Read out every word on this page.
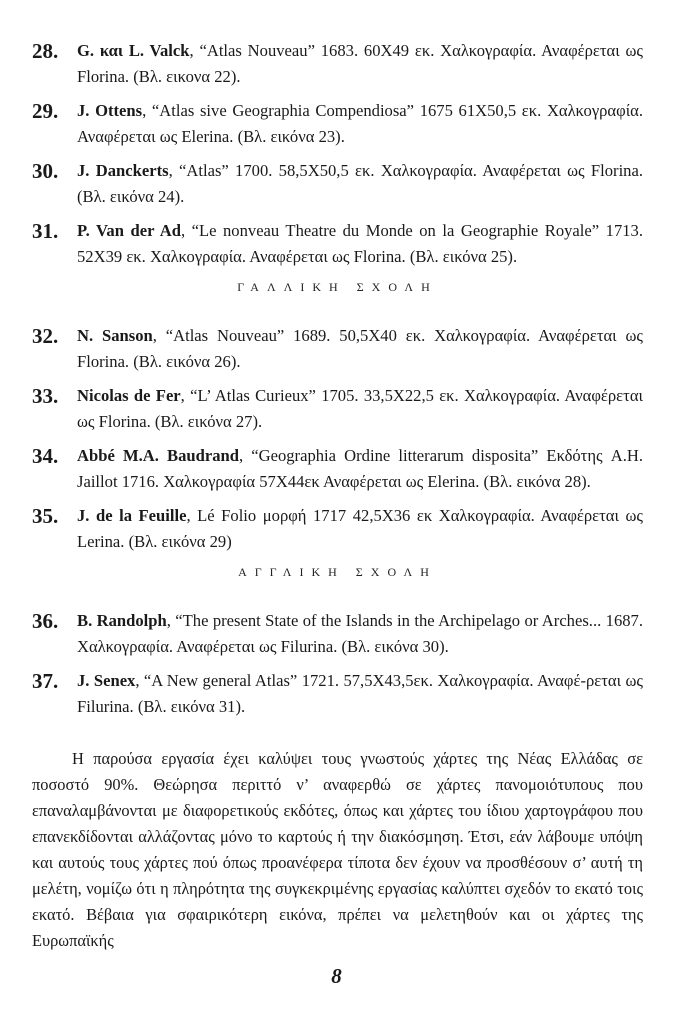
28.	G. και L. Valck, “Atlas Nouveau” 1683. 60Χ49 εκ. Χαλκογραφία. Αναφέρεται ως Florina. (Βλ. εικονα 22).
29.	J. Ottens, “Atlas sive Geographia Compendiosa” 1675 61Χ50,5 εκ. Χαλκογραφία. Αναφέρεται ως Elerina. (Βλ. εικόνα 23).
30.	J. Danckerts, “Atlas” 1700. 58,5Χ50,5 εκ. Χαλκογραφία. Αναφέρεται ως Florina. (Βλ. εικόνα 24).
31.	P. Van der Ad, “Le nonveau Theatre du Monde on la Geographie Royale” 1713. 52Χ39 εκ. Χαλκογραφία. Αναφέρεται ως Florina. (Βλ. εικόνα 25).
ΓΑΛΛΙΚΗ ΣΧΟΛΗ
32.	N. Sanson, “Atlas Nouveau” 1689. 50,5Χ40 εκ. Χαλκογραφία. Αναφέρεται ως Florina. (Βλ. εικόνα 26).
33.	Nicolas de Fer, “L’ Atlas Curieux” 1705. 33,5Χ22,5 εκ. Χαλκογραφία. Αναφέρεται ως Florina. (Βλ. εικόνα 27).
34.	Abbé M.A. Baudrand, “Geographia Ordine litterarum disposita” Εκδότης A.H. Jaillot 1716. Χαλκογραφία 57Χ44εκ Αναφέρεται ως Elerina. (Βλ. εικόνα 28).
35.	J. de la Feuille, Lé Folio μορφή 1717 42,5Χ36 εκ Χαλκογραφία. Αναφέρεται ως Lerina. (Βλ. εικόνα 29)
ΑΓΓΛΙΚΗ ΣΧΟΛΗ
36.	B. Randolph, “The present State of the Islands in the Archipelago or Arches... 1687. Χαλκογραφία. Αναφέρεται ως Filurina. (Βλ. εικόνα 30).
37.	J. Senex, “A New general Atlas” 1721. 57,5Χ43,5εκ. Χαλκογραφία. Αναφέ-ρεται ως Filurina. (Βλ. εικόνα 31).

Η παρούσα εργασία έχει καλύψει τους γνωστούς χάρτες της Νέας Ελλάδας σε ποσοστό 90%. Θεώρησα περιττό ν’ αναφερθώ σε χάρτες πανομοιότυπους που επαναλαμβάνονται με διαφορετικούς εκδότες, όπως και χάρτες του ίδιου χαρτογράφου που επανεκδίδονται αλλάζοντας μόνο το καρτούς ή την διακόσμηση. Έτσι, εάν λάβουμε υπόψη και αυτούς τους χάρτες πού όπως προανέφερα τίποτα δεν έχουν να προσθέσουν σ’ αυτή τη μελέτη, νομίζω ότι η πληρότητα της συγκεκριμένης εργασίας καλύπτει σχεδόν το εκατό τοις εκατό. Βέβαια για σφαιρικότερη εικόνα, πρέπει να μελετηθούν και οι χάρτες της Ευρωπαϊκής

8
